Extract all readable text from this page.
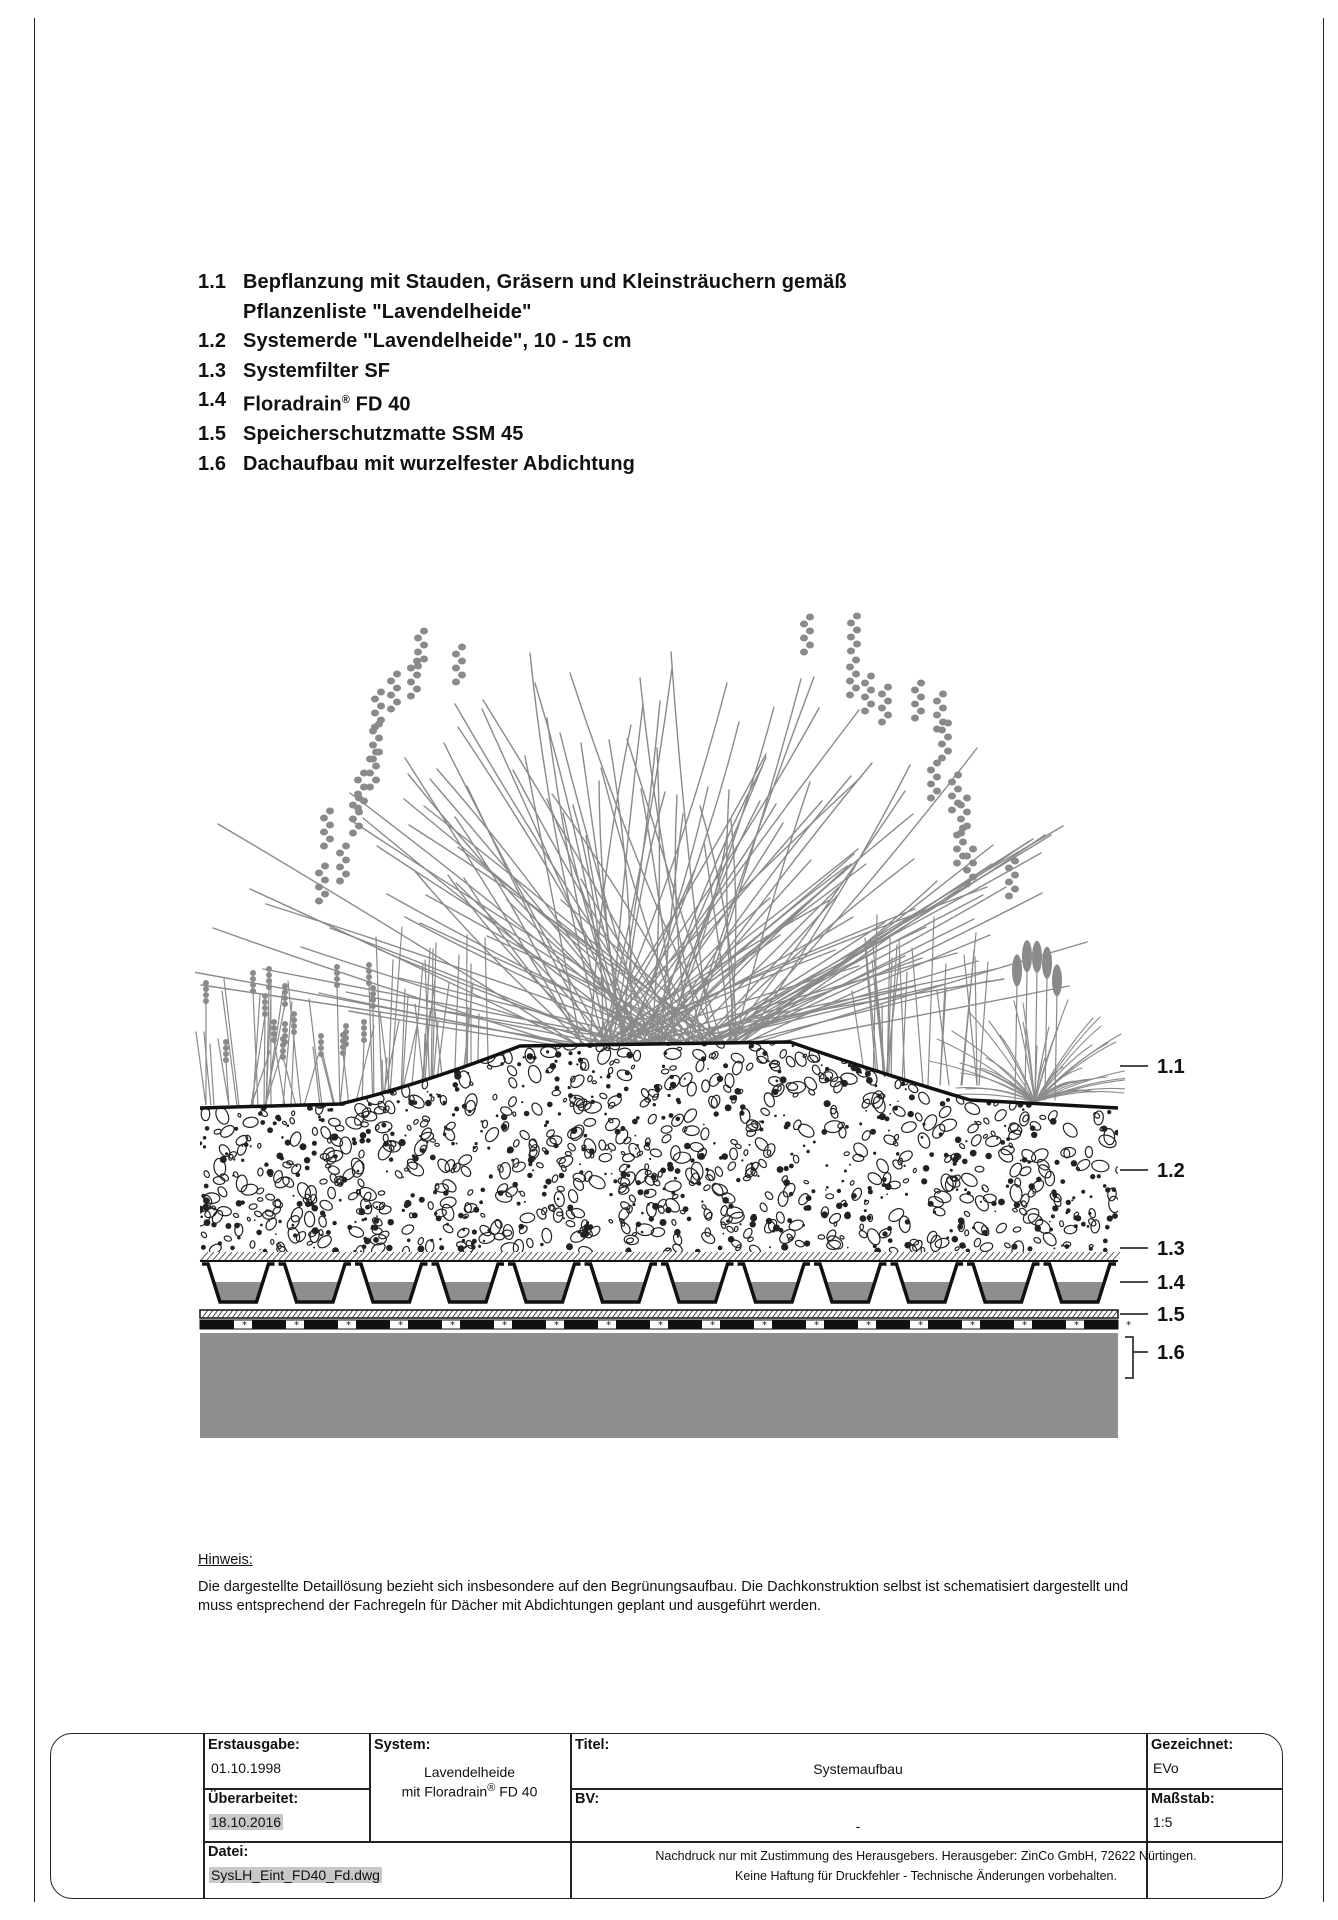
1.1 Bepflanzung mit Stauden, Gräsern und Kleinsträuchern gemäß
Pflanzenliste "Lavendelheide"
1.2 Systemerde "Lavendelheide", 10 - 15 cm
1.3 Systemfilter SF
1.4 Floradrain® FD 40
1.5 Speicherschutzmatte SSM 45
1.6 Dachaufbau mit wurzelfester Abdichtung
*	*	*	*	*	*	*	*	*	*	*	*	*	*	*	*	*	*
1.1
1.2
1.3
1.4
1.5
1.6
Hinweis:
Die dargestellte Detaillösung bezieht sich insbesondere auf den Begrünungsaufbau. Die Dachkonstruktion selbst ist schematisiert dargestellt und muss entsprechend der Fachregeln für Dächer mit Abdichtungen geplant und ausgeführt werden.
Erstausgabe:
01.10.1998
Überarbeitet:
18.10.2016
System:
Lavendelheide
mit Floradrain® FD 40
Titel:
Systemaufbau
BV:
-
Gezeichnet:
EVo
Maßstab:
1:5
Datei:
SysLH_Eint_FD40_Fd.dwg
Nachdruck nur mit Zustimmung des Herausgebers. Herausgeber: ZinCo GmbH, 72622 Nürtingen.
Keine Haftung für Druckfehler - Technische Änderungen vorbehalten.
